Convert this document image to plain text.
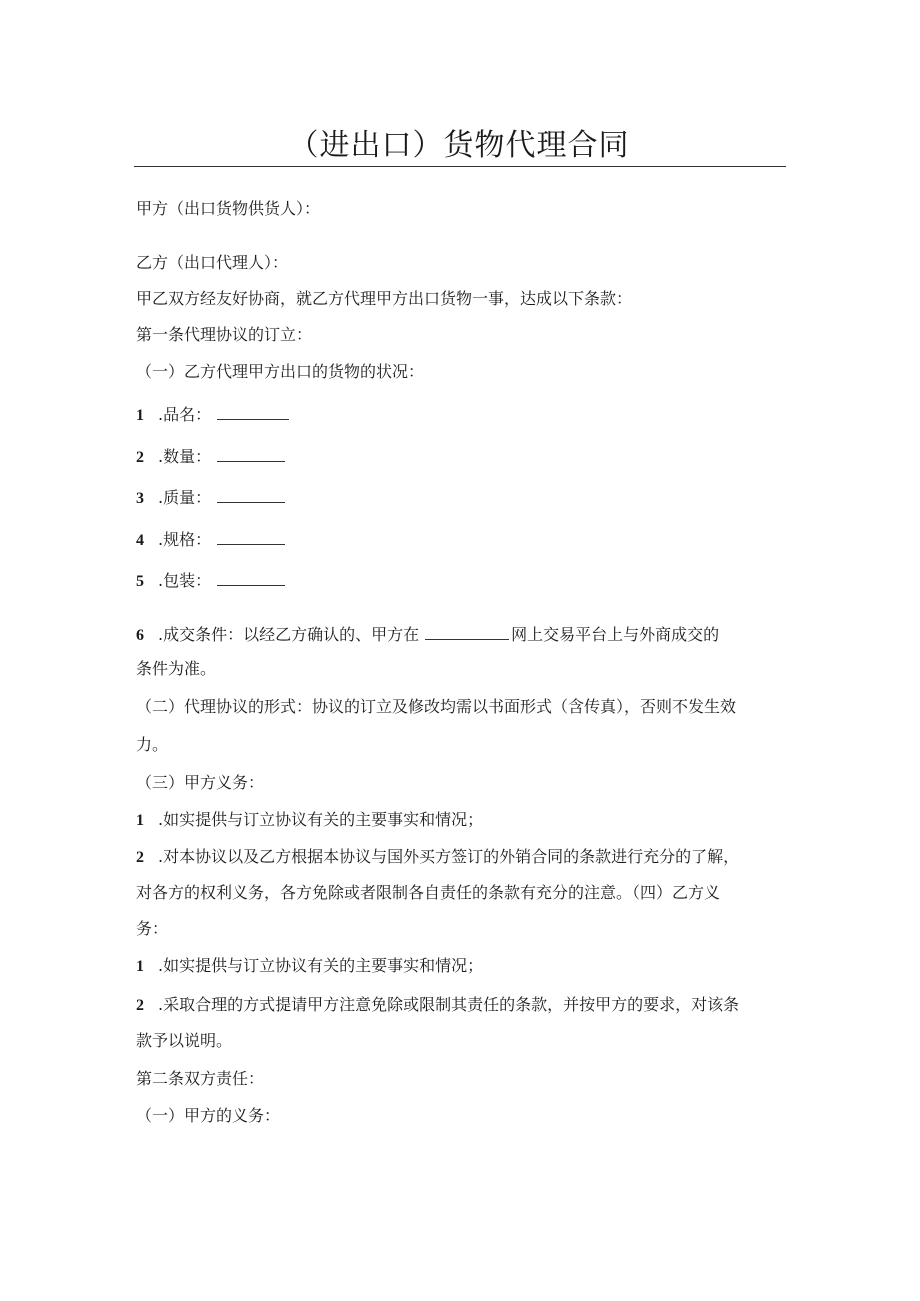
（进出口）货物代理合同
甲方（出口货物供货人）：
乙方（出口代理人）：
甲乙双方经友好协商，就乙方代理甲方出口货物一事，达成以下条款：
第一条代理协议的订立：
（一）乙方代理甲方出口的货物的状况：
1 .品名：
2 .数量：
3 .质量：
4 .规格：
5 .包装：
6 .成交条件：以经乙方确认的、甲方在	网上交易平台上与外商成交的
条件为准。
（二）代理协议的形式：协议的订立及修改均需以书面形式（含传真），否则不发生效
力。
（三）甲方义务：
1 .如实提供与订立协议有关的主要事实和情况；
2 .对本协议以及乙方根据本协议与国外买方签订的外销合同的条款进行充分的了解，
对各方的权利义务，各方免除或者限制各自责任的条款有充分的注意。（四）乙方义
务：
1 .如实提供与订立协议有关的主要事实和情况；
2 .采取合理的方式提请甲方注意免除或限制其责任的条款，并按甲方的要求，对该条
款予以说明。
第二条双方责任：
（一）甲方的义务：
